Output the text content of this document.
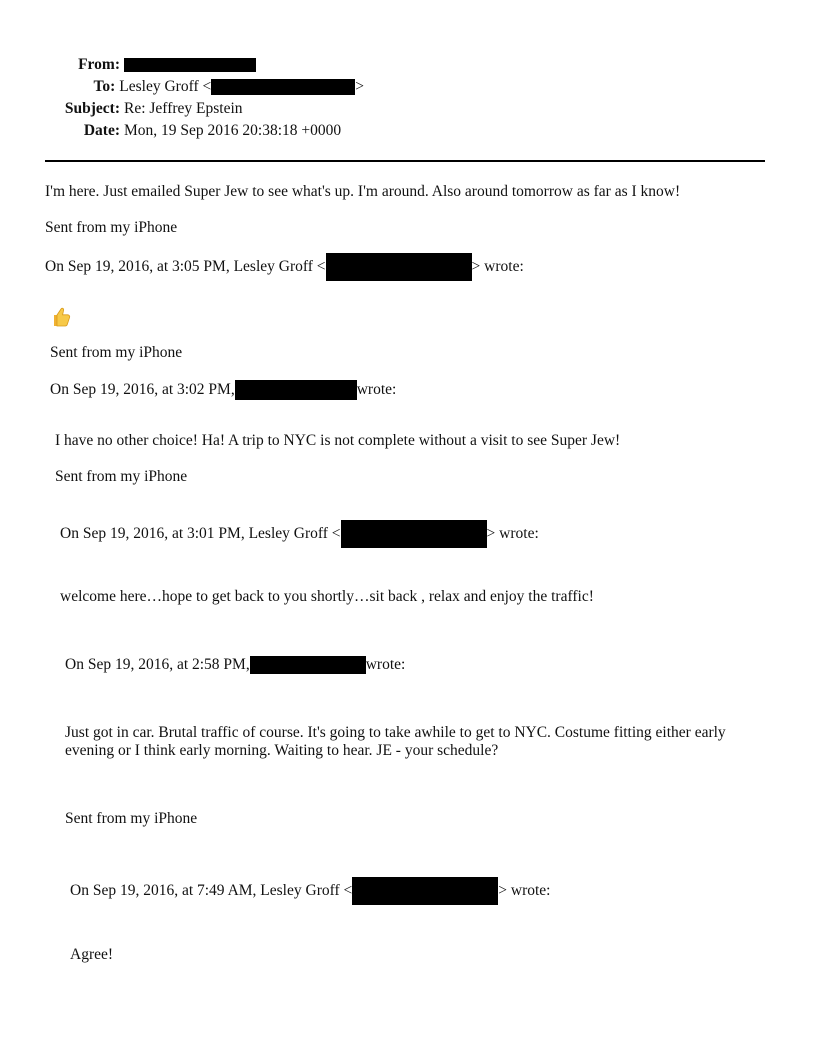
From:
To: Lesley Groff <	>
Subject: Re: Jeffrey Epstein
Date: Mon, 19 Sep 2016 20:38:18 +0000
I'm here. Just emailed Super Jew to see what's up. I'm around. Also around tomorrow as far as I know!
Sent from my iPhone
On Sep 19, 2016, at 3:05 PM, Lesley Groff <	> wrote:
Sent from my iPhone
On Sep 19, 2016, at 3:02 PM,	wrote:
I have no other choice! Ha! A trip to NYC is not complete without a visit to see Super Jew!
Sent from my iPhone
On Sep 19, 2016, at 3:01 PM, Lesley Groff <	> wrote:
welcome here…hope to get back to you shortly…sit back , relax and enjoy the traffic!
On Sep 19, 2016, at 2:58 PM,	wrote:
Just got in car. Brutal traffic of course. It's going to take awhile to get to NYC. Costume fitting either early evening or I think early morning. Waiting to hear. JE - your schedule?
Sent from my iPhone
On Sep 19, 2016, at 7:49 AM, Lesley Groff <	> wrote:
Agree!
